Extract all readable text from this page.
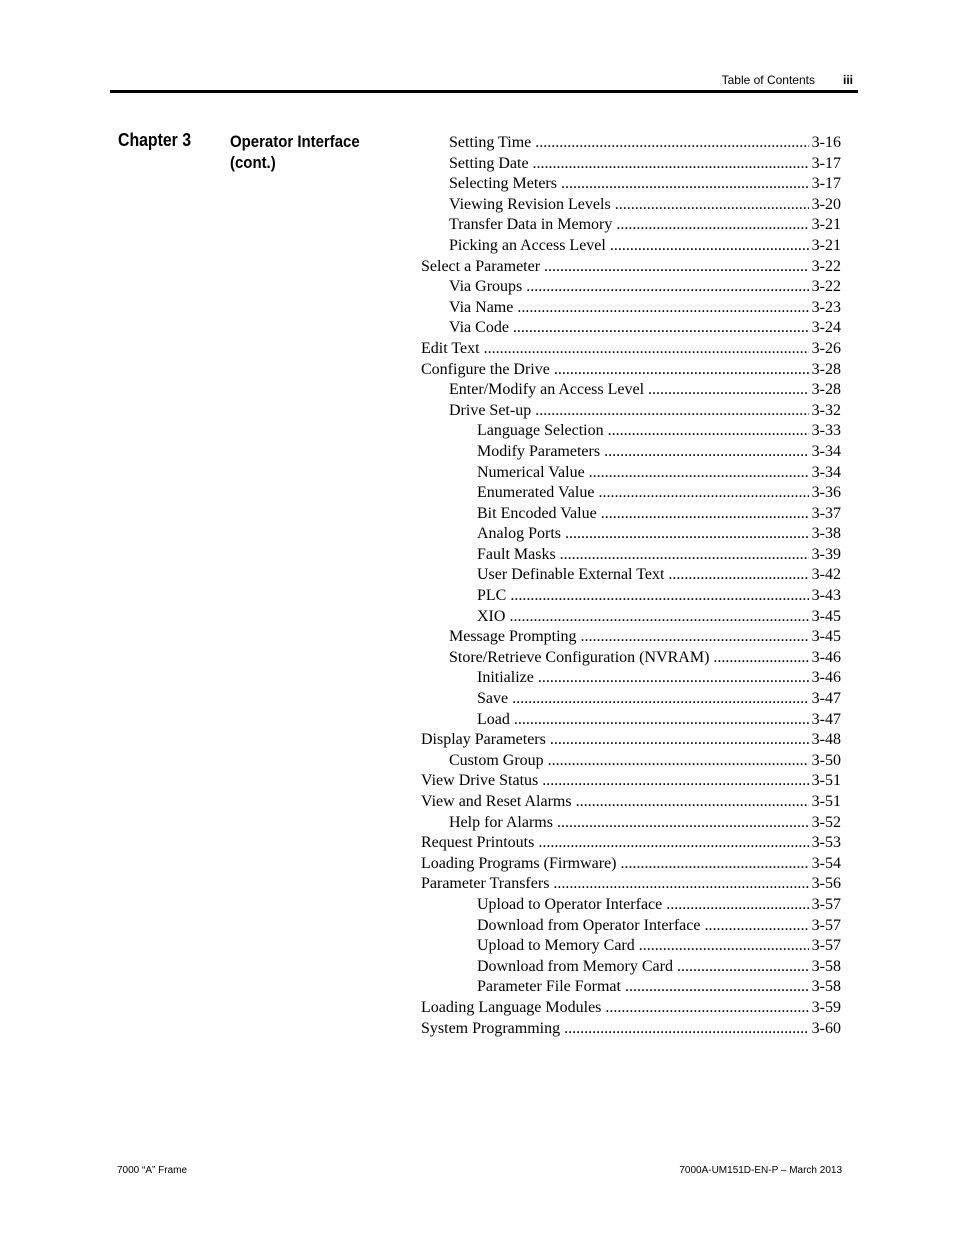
Table of Contents iii
Chapter 3 Operator Interface
(cont.)
Setting Time . . .	3-16
Setting Date . . .	3-17
Selecting Meters . . .	3-17
Viewing Revision Levels . . .	3-20
Transfer Data in Memory . . .	3-21
Picking an Access Level . . .	3-21
Select a Parameter . . .	3-22
Via Groups . . .	3-22
Via Name . . .	3-23
Via Code . . .	3-24
Edit Text . . .	3-26
Configure the Drive . . .	3-28
Enter/Modify an Access Level . . .	3-28
Drive Set-up . . .	3-32
Language Selection . . .	3-33
Modify Parameters . . .	3-34
Numerical Value . . .	3-34
Enumerated Value . . .	3-36
Bit Encoded Value . . .	3-37
Analog Ports . . .	3-38
Fault Masks . . .	3-39
User Definable External Text . . .	3-42
PLC . . .	3-43
XIO . . .	3-45
Message Prompting . . .	3-45
Store/Retrieve Configuration (NVRAM) . . .	3-46
Initialize . . .	3-46
Save . . .	3-47
Load . . .	3-47
Display Parameters . . .	3-48
Custom Group . . .	3-50
View Drive Status . . .	3-51
View and Reset Alarms . . .	3-51
Help for Alarms . . .	3-52
Request Printouts . . .	3-53
Loading Programs (Firmware) . . .	3-54
Parameter Transfers . . .	3-56
Upload to Operator Interface . . .	3-57
Download from Operator Interface . . .	3-57
Upload to Memory Card . . .	3-57
Download from Memory Card . . .	3-58
Parameter File Format . . .	3-58
Loading Language Modules . . .	3-59
System Programming . . .	3-60
7000 “A” Frame	7000A-UM151D-EN-P – March 2013
